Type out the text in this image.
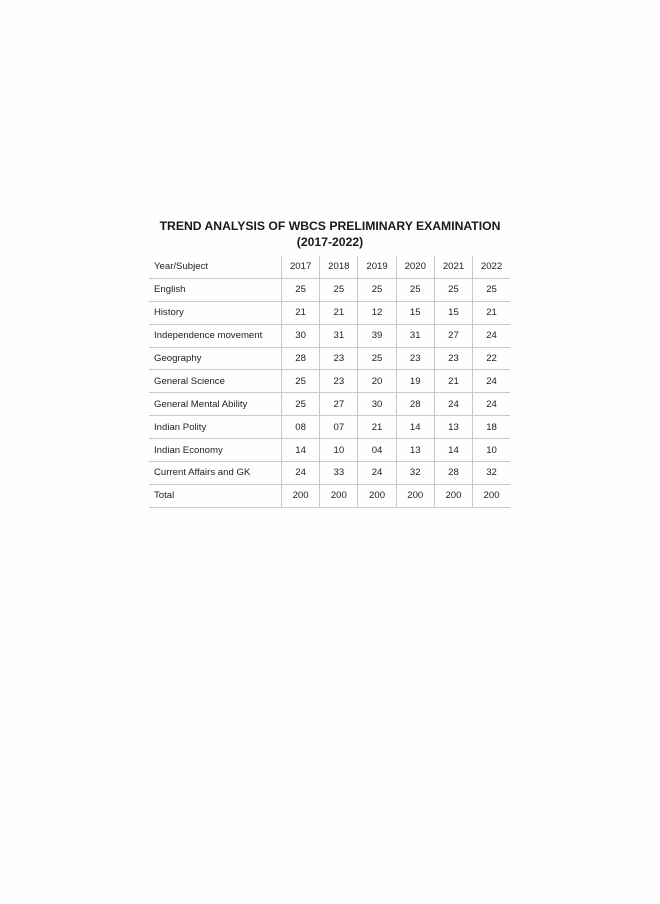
TREND ANALYSIS OF WBCS PRELIMINARY EXAMINATION
(2017-2022)
Year/Subject	2017	2018	2019	2020	2021	2022
English	25	25	25	25	25	25
History	21	21	12	15	15	21
Independence movement	30	31	39	31	27	24
Geography	28	23	25	23	23	22
General Science	25	23	20	19	21	24
General Mental Ability	25	27	30	28	24	24
Indian Polity	08	07	21	14	13	18
Indian Economy	14	10	04	13	14	10
Current Affairs and GK	24	33	24	32	28	32
Total	200	200	200	200	200	200
